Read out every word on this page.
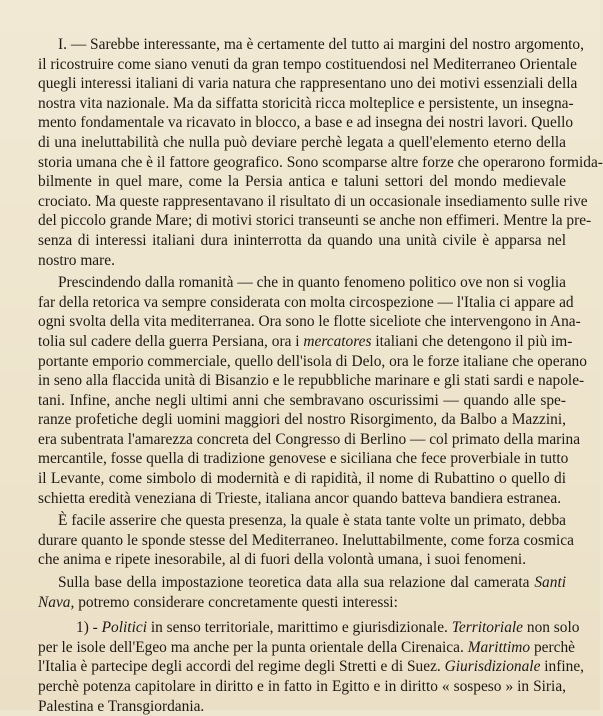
I. — Sarebbe interessante, ma è certamente del tutto ai margini del nostro argomento,
il ricostruire come siano venuti da gran tempo costituendosi nel Mediterraneo Orientale
quegli interessi italiani di varia natura che rappresentano uno dei motivi essenziali della
nostra vita nazionale. Ma da siffatta storicità ricca molteplice e persistente, un insegna-
mento fondamentale va ricavato in blocco, a base e ad insegna dei nostri lavori. Quello
di una ineluttabilità che nulla può deviare perchè legata a quell'elemento eterno della
storia umana che è il fattore geografico. Sono scomparse altre forze che operarono formida-
bilmente in quel mare, come la Persia antica e taluni settori del mondo medievale
crociato. Ma queste rappresentavano il risultato di un occasionale insediamento sulle rive
del piccolo grande Mare; di motivi storici transeunti se anche non effimeri. Mentre la pre-
senza di interessi italiani dura ininterrotta da quando una unità civile è apparsa nel
nostro mare.
Prescindendo dalla romanità — che in quanto fenomeno politico ove non si voglia
far della retorica va sempre considerata con molta circospezione — l'Italia ci appare ad
ogni svolta della vita mediterranea. Ora sono le flotte siceliote che intervengono in Ana-
tolia sul cadere della guerra Persiana, ora i mercatores italiani che detengono il più im-
portante emporio commerciale, quello dell'isola di Delo, ora le forze italiane che operano
in seno alla flaccida unità di Bisanzio e le repubbliche marinare e gli stati sardi e napole-
tani. Infine, anche negli ultimi anni che sembravano oscurissimi — quando alle spe-
ranze profetiche degli uomini maggiori del nostro Risorgimento, da Balbo a Mazzini,
era subentrata l'amarezza concreta del Congresso di Berlino — col primato della marina
mercantile, fosse quella di tradizione genovese e siciliana che fece proverbiale in tutto
il Levante, come simbolo di modernità e di rapidità, il nome di Rubattino o quello di
schietta eredità veneziana di Trieste, italiana ancor quando batteva bandiera estranea.
È facile asserire che questa presenza, la quale è stata tante volte un primato, debba
durare quanto le sponde stesse del Mediterraneo. Ineluttabilmente, come forza cosmica
che anima e ripete inesorabile, al di fuori della volontà umana, i suoi fenomeni.
Sulla base della impostazione teoretica data alla sua relazione dal camerata Santi
Nava, potremo considerare concretamente questi interessi:
1) - Politici in senso territoriale, marittimo e giurisdizionale. Territoriale non solo
per le isole dell'Egeo ma anche per la punta orientale della Cirenaica. Marittimo perchè
l'Italia è partecipe degli accordi del regime degli Stretti e di Suez. Giurisdizionale infine,
perchè potenza capitolare in diritto e in fatto in Egitto e in diritto « sospeso » in Siria,
Palestina e Transgiordania.
